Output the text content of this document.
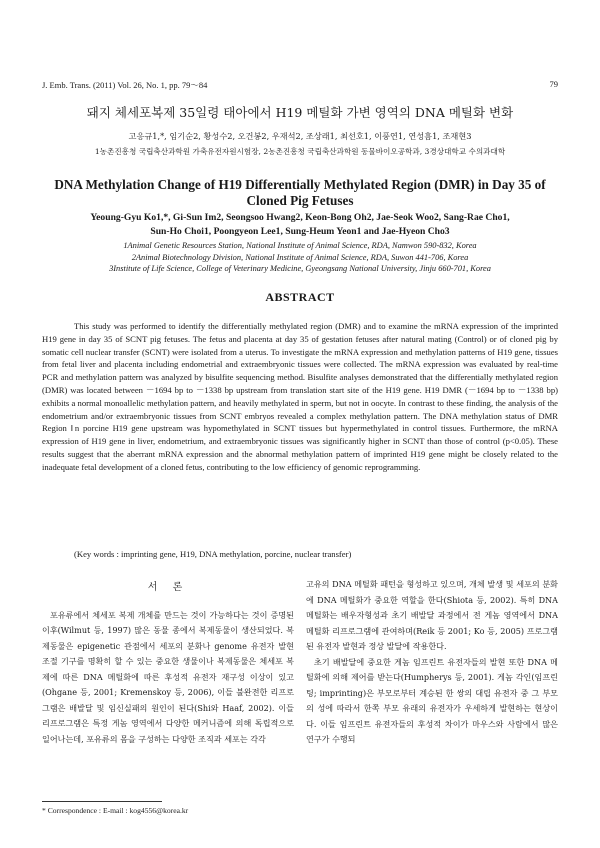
J. Emb. Trans. (2011) Vol. 26, No. 1, pp. 79～84	79
돼지 체세포복제 35일령 태아에서 H19 메틸화 가변 영역의 DNA 메틸화 변화
고응규1,*, 임기순2, 황성수2, 오건봉2, 우재석2, 조상래1, 최선호1, 이풍연1, 연성흠1, 조재현3
1농촌진흥청 국립축산과학원 가축유전자원시험장, 2농촌진흥청 국립축산과학원 동물바이오공학과, 3경상대학교 수의과대학
DNA Methylation Change of H19 Differentially Methylated Region (DMR) in Day 35 of Cloned Pig Fetuses
Yeoung-Gyu Ko1,*, Gi-Sun Im2, Seongsoo Hwang2, Keon-Bong Oh2, Jae-Seok Woo2, Sang-Rae Cho1,
Sun-Ho Choi1, Poongyeon Lee1, Sung-Heum Yeon1 and Jae-Hyeon Cho3
1Animal Genetic Resources Station, National Institute of Animal Science, RDA, Namwon 590-832, Korea
2Animal Biotechnology Division, National Institute of Animal Science, RDA, Suwon 441-706, Korea
3Institute of Life Science, College of Veterinary Medicine, Gyeongsang National University, Jinju 660-701, Korea
ABSTRACT
This study was performed to identify the differentially methylated region (DMR) and to examine the mRNA expression of the imprinted H19 gene in day 35 of SCNT pig fetuses. The fetus and placenta at day 35 of gestation fetuses after natural mating (Control) or of cloned pig by somatic cell nuclear transfer (SCNT) were isolated from a uterus. To investigate the mRNA expression and methylation patterns of H19 gene, tissues from fetal liver and placenta including endometrial and extraembryonic tissues were collected. The mRNA expression was evaluated by real-time PCR and methylation pattern was analyzed by bisulfite sequencing method. Bisulfite analyses demonstrated that the differentially methylated region (DMR) was located between －1694 bp to －1338 bp upstream from translation start site of the H19 gene. H19 DMR (－1694 bp to －1338 bp) exhibits a normal monoallelic methylation pattern, and heavily methylated in sperm, but not in oocyte. In contrast to these finding, the analysis of the endometrium and/or extraembryonic tissues from SCNT embryos revealed a complex methylation pattern. The DNA methylation status of DMR Region Ⅰn porcine H19 gene upstream was hypomethylated in SCNT tissues but hypermethylated in control tissues. Furthermore, the mRNA expression of H19 gene in liver, endometrium, and extraembryonic tissues was significantly higher in SCNT than those of control (p<0.05). These results suggest that the aberrant mRNA expression and the abnormal methylation pattern of imprinted H19 gene might be closely related to the inadequate fetal development of a cloned fetus, contributing to the low efficiency of genomic reprogramming.
(Key words : imprinting gene, H19, DNA methylation, porcine, nuclear transfer)
서 론
포유류에서 체세포 복제 개체를 만드는 것이 가능하다는 것이 증명된 이후(Wilmut 등, 1997) 많은 동물 종에서 복제동물이 생산되었다. 복제동물은 epigenetic 관점에서 세포의 분화나 genome 유전자 발현 조절 기구를 명확히 할 수 있는 중요한 생물이나 복제동물은 체세포 복제에 따른 DNA 메틸화에 따른 후성적 유전자 재구성 이상이 있고(Ohgane 등, 2001; Kremenskoy 등, 2006), 이들 불완전한 리프로그램은 배발달 및 임신실패의 원인이 된다(Shi와 Haaf, 2002). 이들 리프로그램은 특정 게놈 영역에서 다양한 메커니즘에 의해 독립적으로 일어나는데, 포유류의 몸을 구성하는 다양한 조직과 세포는 각각
고유의 DNA 메틸화 패턴을 형성하고 있으며, 개체 발생 및 세포의 분화에 DNA 메틸화가 중요한 역할을 한다(Shiota 등, 2002). 특히 DNA 메틸화는 배우자형성과 초기 배발달 과정에서 전 게놈 영역에서 DNA 메틸화 리프로그램에 관여하며(Reik 등 2001; Ko 등, 2005) 프로그램된 유전자 발현과 정상 발달에 작용한다.
초기 배발달에 중요한 게놈 임프린트 유전자들의 발현 또한 DNA 메틸화에 의해 제어를 받는다(Humpherys 등, 2001). 게놈 각인(임프린팅; imprinting)은 부모로부터 계승된 한 쌍의 대립 유전자 중 그 부모의 성에 따라서 한쪽 부모 유래의 유전자가 우세하게 발현하는 현상이다. 이들 임프린트 유전자들의 후성적 차이가 마우스와 사람에서 많은 연구가 수행되
* Correspondence : E-mail : kog4556@korea.kr
